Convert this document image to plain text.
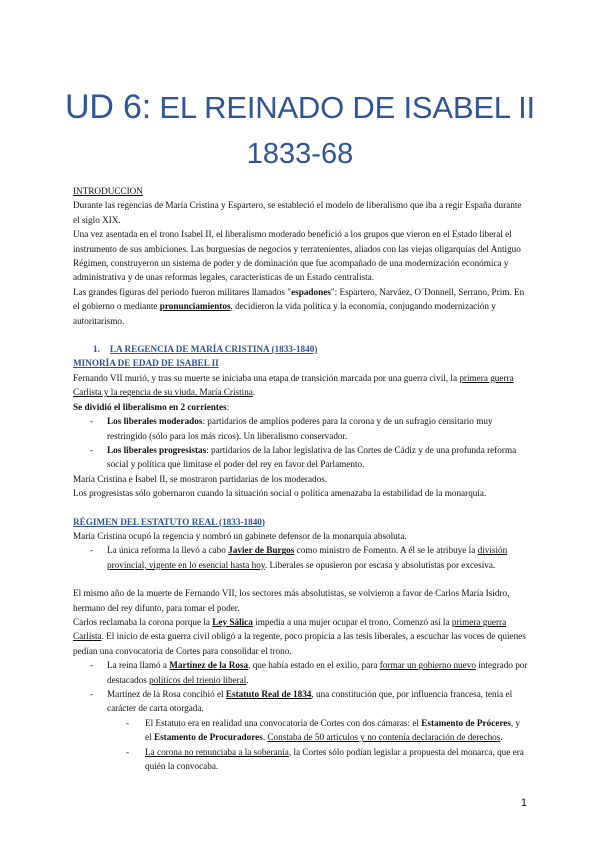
UD 6: EL REINADO DE ISABEL II
1833-68

INTRODUCCION

Durante las regencias de María Cristina y Espartero, se estableció el modelo de liberalismo que iba a regir España durante el siglo XIX.

Una vez asentada en el trono Isabel II, el liberalismo moderado benefició a los grupos que vieron en el Estado liberal el instrumento de sus ambiciones. Las burguesías de negocios y terratenientes, aliados con las viejas oligarquías del Antiguo Régimen, construyeron un sistema de poder y de dominación que fue acompañado de una modernización económica y administrativa y de unas reformas legales, características de un Estado centralista.

Las grandes figuras del periodo fueron militares llamados "espadones": Espartero, Narváez, O´Donnell, Serrano, Prim. En el gobierno o mediante pronunciamientos, decidieron la vida política y la economía, conjugando modernización y autoritarismo.

1. LA REGENCIA DE MARÍA CRISTINA (1833-1840)

MINORÍA DE EDAD DE ISABEL II

Fernando VII murió, y tras su muerte se iniciaba una etapa de transición marcada por una guerra civil, la primera guerra Carlista y la regencia de su viuda, María Cristina.

Se dividió el liberalismo en 2 corrientes:

- Los liberales moderados: partidarios de amplios poderes para la corona y de un sufragio censitario muy restringido (sólo para los más ricos). Un liberalismo conservador.
- Los liberales progresistas: partidarios de la labor legislativa de las Cortes de Cádiz y de una profunda reforma social y política que limitase el poder del rey en favor del Parlamento.

María Cristina e Isabel II, se mostraron partidarias de los moderados.

Los progresistas sólo gobernaron cuando la situación social o política amenazaba la estabilidad de la monarquía.

RÉGIMEN DEL ESTATUTO REAL (1833-1840)

María Cristina ocupó la regencia y nombró un gabinete defensor de la monarquía absoluta.

- La única reforma la llevó a cabo Javier de Burgos como ministro de Fomento. A él se le atribuye la división provincial, vigente en lo esencial hasta hoy. Liberales se opusieron por escasa y absolutistas por excesiva.

El mismo año de la muerte de Fernando VII, los sectores más absolutistas, se volvieron a favor de Carlos María Isidro, hermano del rey difunto, para tomar el poder.

Carlos reclamaba la corona porque la Ley Sálica impedía a una mujer ocupar el trono. Comenzó así la primera guerra Carlista. El inicio de esta guerra civil obligó a la regente, poco propicia a las tesis liberales, a escuchar las voces de quienes pedían una convocatoria de Cortes para consolidar el trono.

- La reina llamó a Martínez de la Rosa, que había estado en el exilio, para formar un gobierno nuevo integrado por destacados políticos del trienio liberal.
- Martínez de la Rosa concibió el Estatuto Real de 1834, una constitución que, por influencia francesa, tenía el carácter de carta otorgada.
- El Estatuto era en realidad una convocatoria de Cortes con dos cámaras: el Estamento de Próceres, y el Estamento de Procuradores. Constaba de 50 artículos y no contenía declaración de derechos.
- La corona no renunciaba a la soberanía, la Cortes sólo podían legislar a propuesta del monarca, que era quién la convocaba.
1
